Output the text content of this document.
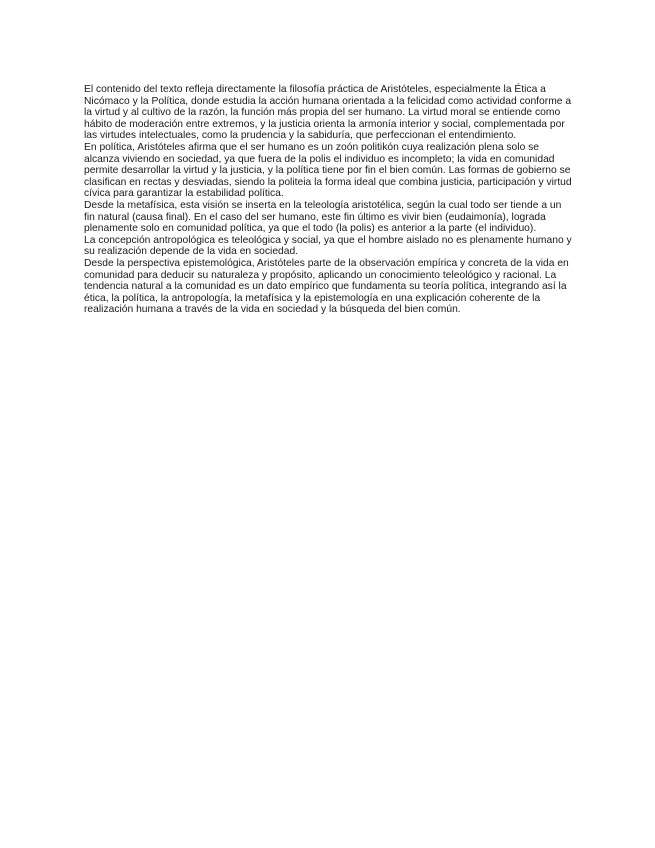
El contenido del texto refleja directamente la filosofía práctica de Aristóteles, especialmente la Ética a Nicómaco y la Política, donde estudia la acción humana orientada a la felicidad como actividad conforme a la virtud y al cultivo de la razón, la función más propia del ser humano. La virtud moral se entiende como hábito de moderación entre extremos, y la justicia orienta la armonía interior y social, complementada por las virtudes intelectuales, como la prudencia y la sabiduría, que perfeccionan el entendimiento.

En política, Aristóteles afirma que el ser humano es un zoón politikón cuya realización plena solo se alcanza viviendo en sociedad, ya que fuera de la polis el individuo es incompleto; la vida en comunidad permite desarrollar la virtud y la justicia, y la política tiene por fin el bien común. Las formas de gobierno se clasifican en rectas y desviadas, siendo la politeia la forma ideal que combina justicia, participación y virtud cívica para garantizar la estabilidad política.

Desde la metafísica, esta visión se inserta en la teleología aristotélica, según la cual todo ser tiende a un fin natural (causa final). En el caso del ser humano, este fin último es vivir bien (eudaimonía), lograda plenamente solo en comunidad política, ya que el todo (la polis) es anterior a la parte (el individuo).

La concepción antropológica es teleológica y social, ya que el hombre aislado no es plenamente humano y su realización depende de la vida en sociedad.

Desde la perspectiva epistemológica, Aristóteles parte de la observación empírica y concreta de la vida en comunidad para deducir su naturaleza y propósito, aplicando un conocimiento teleológico y racional. La tendencia natural a la comunidad es un dato empírico que fundamenta su teoría política, integrando así la ética, la política, la antropología, la metafísica y la epistemología en una explicación coherente de la realización humana a través de la vida en sociedad y la búsqueda del bien común.
